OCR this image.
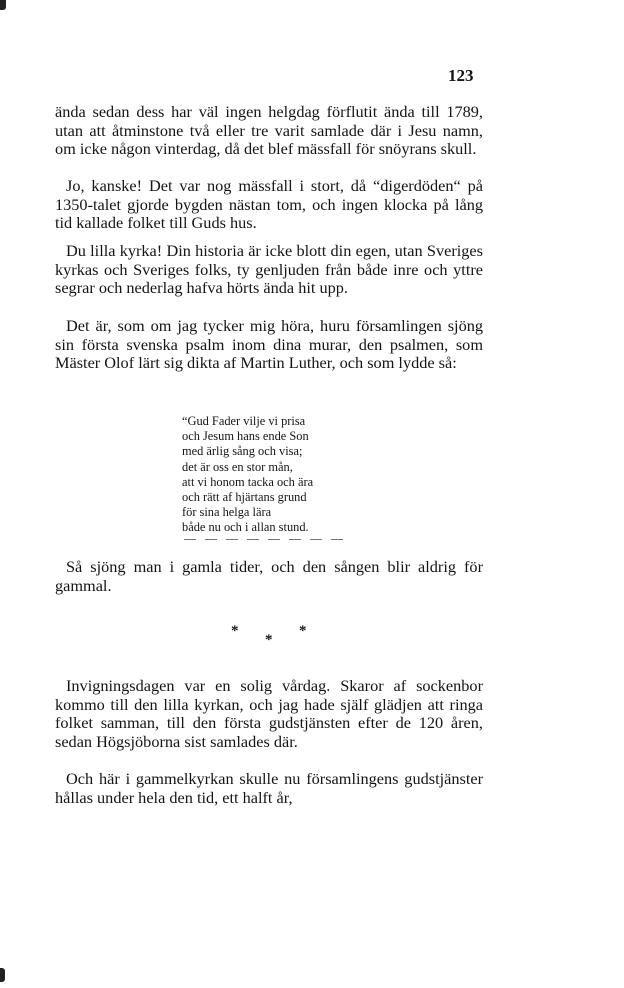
123

ända sedan dess har väl ingen helgdag förflutit ända till 1789, utan att åtminstone två eller tre varit samlade där i Jesu namn, om icke någon vinterdag, då det blef mässfall för snöyrans skull.

Jo, kanske! Det var nog mässfall i stort, då “digerdöden“ på 1350-talet gjorde bygden nästan tom, och ingen klocka på lång tid kallade folket till Guds hus.

Du lilla kyrka! Din historia är icke blott din egen, utan Sveriges kyrkas och Sveriges folks, ty genljuden från både inre och yttre segrar och nederlag hafva hörts ända hit upp.

Det är, som om jag tycker mig höra, huru församlingen sjöng sin första svenska psalm inom dina murar, den psalmen, som Mäster Olof lärt sig dikta af Martin Luther, och som lydde så:

“Gud Fader vilje vi prisa
och Jesum hans ende Son
med ärlig sång och visa;
det är oss en stor mån,
att vi honom tacka och ära
och rätt af hjärtans grund
för sina helga lära
både nu och i allan stund.
— — — — — — — —

Så sjöng man i gamla tider, och den sången blir aldrig för gammal.

*	*
*

Invigningsdagen var en solig vårdag. Skaror af sockenbor kommo till den lilla kyrkan, och jag hade själf glädjen att ringa folket samman, till den första gudstjänsten efter de 120 åren, sedan Högsjöborna sist samlades där.

Och här i gammelkyrkan skulle nu församlingens gudstjänster hållas under hela den tid, ett halft år,
